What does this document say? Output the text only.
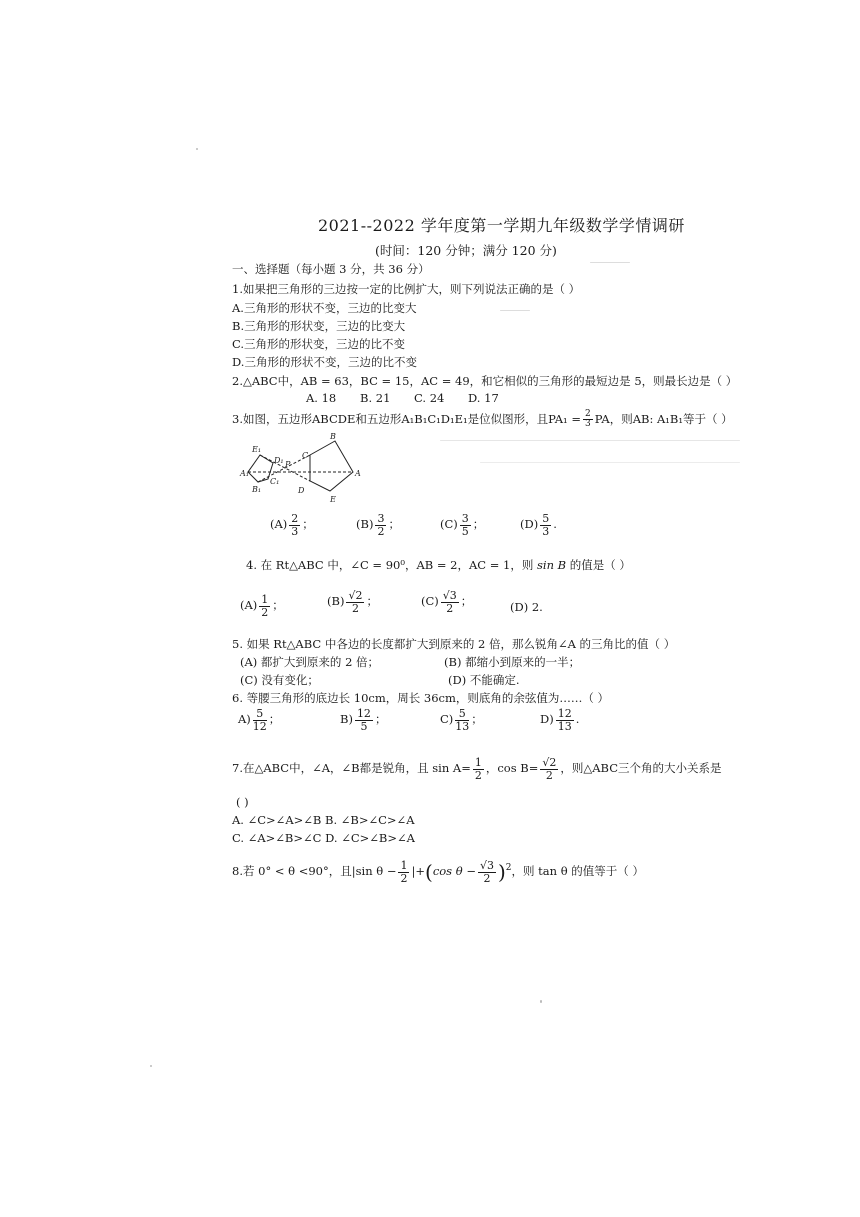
2021--2022 学年度第一学期九年级数学学情调研
(时间：120 分钟；满分 120 分)
一、选择题（每小题 3 分，共 36 分）
1.如果把三角形的三边按一定的比例扩大，则下列说法正确的是（ ）
A.三角形的形状不变，三边的比变大
B.三角形的形状变，三边的比变大
C.三角形的形状变，三边的比不变
D.三角形的形状不变，三边的比不变
2.△ABC中，AB = 63，BC = 15，AC = 49，和它相似的三角形的最短边是 5，则最长边是（ ）
A. 18 B. 21 C. 24 D. 17
3.如图，五边形ABCDE和五边形A₁B₁C₁D₁E₁是位似图形，且$PA_1 = \frac{2}{3}$ PA，则AB: A₁B₁等于（ ）
E₁
D₁
A₁
B₁
C₁
P
C
B
A
D
E
$(A) \frac{2}{3}$ ；	$(B) \frac{3}{2}$ ；	$(C) \frac{3}{5}$ ；	$(D) \frac{5}{3}$ .
4. 在 Rt△ABC 中，∠C = 90⁰，AB = 2，AC = 1，则 sin B 的值是（ ）
$(A) \frac{1}{2}$ ；	$(B) \frac{√2}{2}$ ；	$(C) \frac{√3}{2}$ ；	(D) 2.
5. 如果 Rt△ABC 中各边的长度都扩大到原来的 2 倍，那么锐角∠A 的三角比的值（ ）
(A) 都扩大到原来的 2 倍；	(B) 都缩小到原来的一半；
(C) 没有变化；	(D) 不能确定.
6. 等腰三角形的底边长 10cm，周长 36cm，则底角的余弦值为……（ ）
$A) \frac{5}{12}$ ；	$B) \frac{12}{5}$ ；	$C) \frac{5}{13}$ ；	$D) \frac{12}{13}$ .
7.在△ABC中，∠A，∠B都是锐角，且 $\sin A= \frac{1}{2}$ ，$\cos B= \frac{√2}{2}$ ，则△ABC三个角的大小关系是
( )
A. ∠C>∠A>∠B B. ∠B>∠C>∠A
C. ∠A>∠B>∠C D. ∠C>∠B>∠A
8.若 0° < θ <90°，且|sin $\theta - \frac{1}{2} |+(\cos$ $\theta - \frac{√3}{2} )^2$，则 tan θ 的值等于（ ）
